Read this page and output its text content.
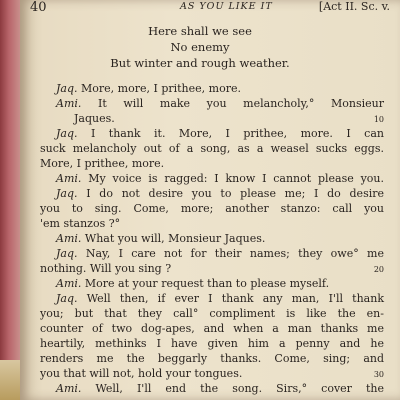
40	AS YOU LIKE IT	[Act II. Sc. v.
Here shall we see
No enemy
But winter and rough weather.
Jaq. More, more, I prithee, more.
Ami. It will make you melancholy,° Monsieur
Jaques.	10
Jaq. I thank it. More, I prithee, more. I can
suck melancholy out of a song, as a weasel sucks eggs.
More, I prithee, more.
Ami. My voice is ragged: I know I cannot please you.
Jaq. I do not desire you to please me; I do desire
you to sing. Come, more; another stanzo: call you
'em stanzos ?°
Ami. What you will, Monsieur Jaques.
Jaq. Nay, I care not for their names; they owe° me
nothing. Will you sing ?	20
Ami. More at your request than to please myself.
Jaq. Well then, if ever I thank any man, I'll thank
you; but that they call° compliment is like the en-
counter of two dog-apes, and when a man thanks me
heartily, methinks I have given him a penny and he
renders me the beggarly thanks. Come, sing; and
you that will not, hold your tongues.	30
Ami. Well, I'll end the song. Sirs,° cover the
